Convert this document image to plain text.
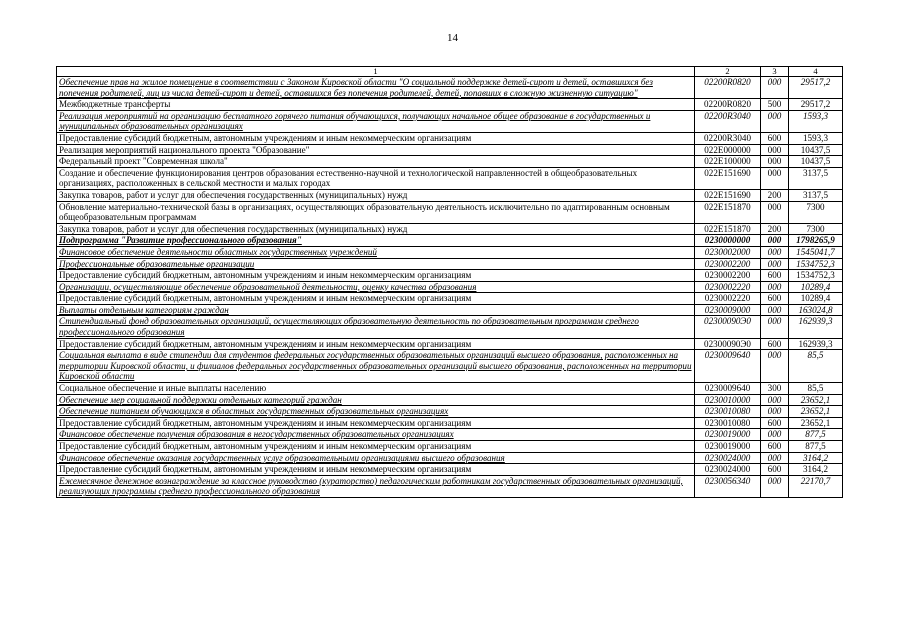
14
1	2	3	4
Обеспечение прав на жилое помещение в соответствии с Законом Кировской области "О социальной поддержке детей-сирот и детей, оставшихся без попечения родителей, лиц из числа детей-сирот и детей, оставшихся без попечения родителей, детей, попавших в сложную жизненную ситуацию"	02200R0820	000	29517,2
Межбюджетные трансферты	02200R0820	500	29517,2
Реализация мероприятий на организацию бесплатного горячего питания обучающихся, получающих начальное общее образование в государственных и муниципальных образовательных организациях	02200R3040	000	1593,3
Предоставление субсидий бюджетным, автономным учреждениям и иным некоммерческим организациям	02200R3040	600	1593,3
Реализация мероприятий национального проекта "Образование"	022E000000	000	10437,5
Федеральный проект "Современная школа"	022E100000	000	10437,5
Создание и обеспечение функционирования центров образования естественно-научной и технологической направленностей в общеобразовательных организациях, расположенных в сельской местности и малых городах	022E151690	000	3137,5
Закупка товаров, работ и услуг для обеспечения государственных (муниципальных) нужд	022E151690	200	3137,5
Обновление материально-технической базы в организациях, осуществляющих образовательную деятельность исключительно по адаптированным основным общеобразовательным программам	022E151870	000	7300
Закупка товаров, работ и услуг для обеспечения государственных (муниципальных) нужд	022E151870	200	7300
Подпрограмма "Развитие профессионального образования"	0230000000	000	1798265,9
Финансовое обеспечение деятельности областных государственных учреждений	0230002000	000	1545041,7
Профессиональные образовательные организации	0230002200	000	1534752,3
Предоставление субсидий бюджетным, автономным учреждениям и иным некоммерческим организациям	0230002200	600	1534752,3
Организации, осуществляющие обеспечение образовательной деятельности, оценку качества образования	0230002220	000	10289,4
Предоставление субсидий бюджетным, автономным учреждениям и иным некоммерческим организациям	0230002220	600	10289,4
Выплаты отдельным категориям граждан	0230009000	000	163024,8
Стипендиальный фонд образовательных организаций, осуществляющих образовательную деятельность по образовательным программам среднего профессионального образования	02300090Э0	000	162939,3
Предоставление субсидий бюджетным, автономным учреждениям и иным некоммерческим организациям	02300090Э0	600	162939,3
Социальная выплата в виде стипендии для студентов федеральных государственных образовательных организаций высшего образования, расположенных на территории Кировской области, и филиалов федеральных государственных образовательных организаций высшего образования, расположенных на территории Кировской области	0230009640	000	85,5
Социальное обеспечение и иные выплаты населению	0230009640	300	85,5
Обеспечение мер социальной поддержки отдельных категорий граждан	0230010000	000	23652,1
Обеспечение питанием обучающихся в областных государственных образовательных организациях	0230010080	000	23652,1
Предоставление субсидий бюджетным, автономным учреждениям и иным некоммерческим организациям	0230010080	600	23652,1
Финансовое обеспечение получения образования в негосударственных образовательных организациях	0230019000	000	877,5
Предоставление субсидий бюджетным, автономным учреждениям и иным некоммерческим организациям	0230019000	600	877,5
Финансовое обеспечение оказания государственных услуг образовательными организациями высшего образования	0230024000	000	3164,2
Предоставление субсидий бюджетным, автономным учреждениям и иным некоммерческим организациям	0230024000	600	3164,2
Ежемесячное денежное вознаграждение за классное руководство (кураторство) педагогическим работникам государственных образовательных организаций, реализующих программы среднего профессионального образования	0230056340	000	22170,7
